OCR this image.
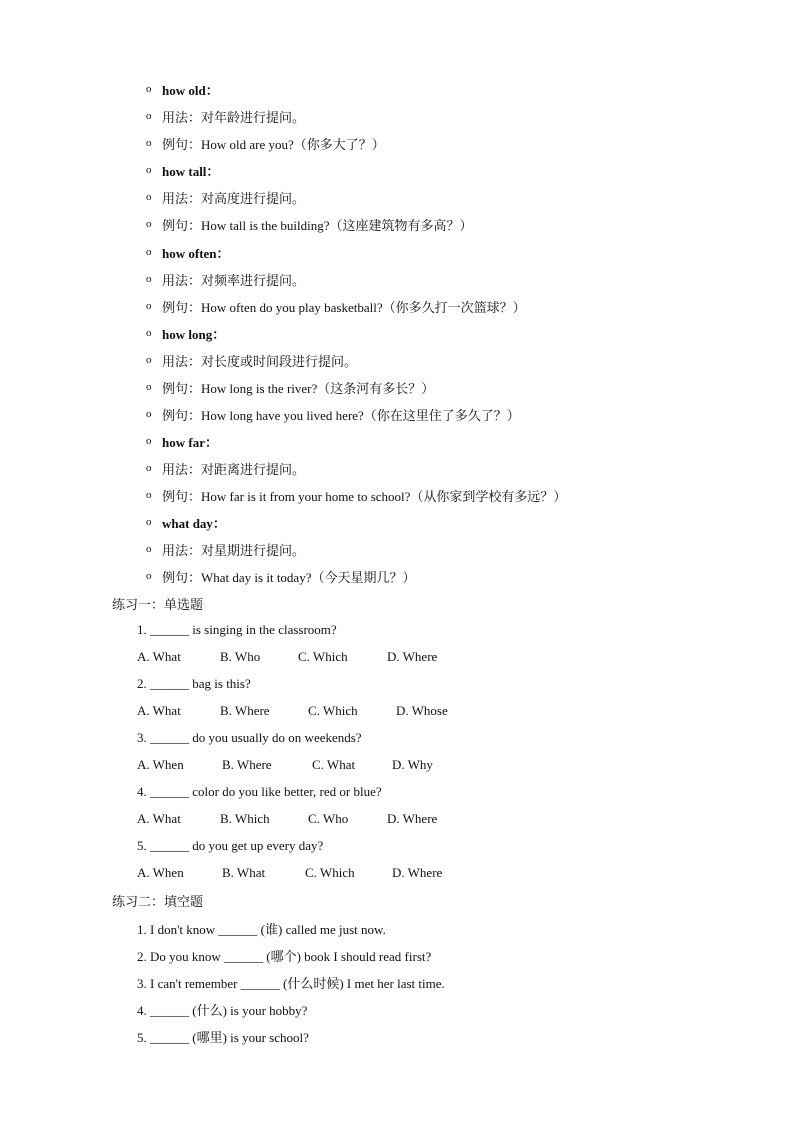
o how old：
o 用法：对年龄进行提问。
o 例句：How old are you?（你多大了？）
o how tall：
o 用法：对高度进行提问。
o 例句：How tall is the building?（这座建筑物有多高？）
o how often：
o 用法：对频率进行提问。
o 例句：How often do you play basketball?（你多久打一次篮球？）
o how long：
o 用法：对长度或时间段进行提问。
o 例句：How long is the river?（这条河有多长？）
o 例句：How long have you lived here?（你在这里住了多久了？）
o how far：
o 用法：对距离进行提问。
o 例句：How far is it from your home to school?（从你家到学校有多远？）
o what day：
o 用法：对星期进行提问。
o 例句：What day is it today?（今天星期几？）
练习一：单选题
1. ______ is singing in the classroom?
A. What	B. Who	C. Which	D. Where
2. ______ bag is this?
A. What	B. Where	C. Which	D. Whose
3. ______ do you usually do on weekends?
A. When	B. Where	C. What	D. Why
4. ______ color do you like better, red or blue?
A. What	B. Which	C. Who	D. Where
5. ______ do you get up every day?
A. When	B. What	C. Which	D. Where
练习二：填空题
1. I don't know ______ (谁) called me just now.
2. Do you know ______ (哪个) book I should read first?
3. I can't remember ______ (什么时候) I met her last time.
4. ______ (什么) is your hobby?
5. ______ (哪里) is your school?
